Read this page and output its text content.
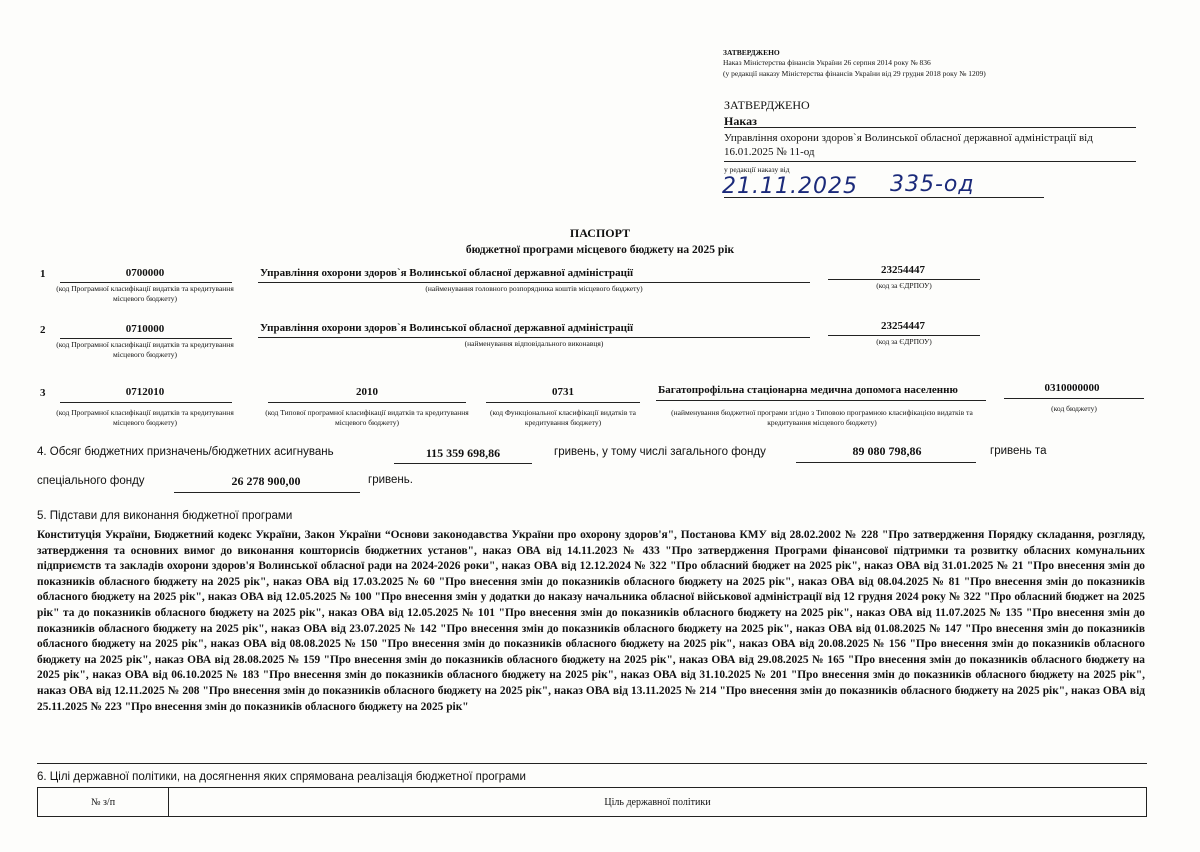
ЗАТВЕРДЖЕНО
Наказ Міністерства фінансів України 26 серпня 2014 року № 836
(у редакції наказу Міністерства фінансів України від 29 грудня 2018 року № 1209)
ЗАТВЕРДЖЕНО
Наказ
Управління охорони здоров`я Волинської обласної державної адміністрації від
16.01.2025 № 11-од
у редакції наказу від
21.11.2025 335-од
ПАСПОРТ
бюджетної програми місцевого бюджету на 2025 рік
1	0700000
(код Програмної класифікації видатків та кредитування місцевого бюджету)
Управління охорони здоров`я Волинської обласної державної адміністрації
(найменування головного розпорядника коштів місцевого бюджету)
23254447
(код за ЄДРПОУ)
2	0710000
(код Програмної класифікації видатків та кредитування місцевого бюджету)
Управління охорони здоров`я Волинської обласної державної адміністрації
(найменування відповідального виконавця)
23254447
(код за ЄДРПОУ)
3	0712010
(код Програмної класифікації видатків та кредитування місцевого бюджету)
2010
(код Типової програмної класифікації видатків та кредитування місцевого бюджету)
0731
(код Функціональної класифікації видатків та кредитування бюджету)
Багатопрофільна стаціонарна медична допомога населенню
(найменування бюджетної програми згідно з Типовою програмною класифікацією видатків та кредитування місцевого бюджету)
0310000000
(код бюджету)
4. Обсяг бюджетних призначень/бюджетних асигнувань	115 359 698,86	гривень, у тому числі загального фонду	89 080 798,86	гривень та
спеціального фонду	26 278 900,00	гривень.
5. Підстави для виконання бюджетної програми
Конституція України, Бюджетний кодекс України, Закон України “Основи законодавства України про охорону здоров'я", Постанова КМУ від 28.02.2002 № 228 "Про затвердження Порядку складання, розгляду, затвердження та основних вимог до виконання кошторисів бюджетних установ", наказ ОВА від 14.11.2023 № 433 "Про затвердження Програми фінансової підтримки та розвитку обласних комунальних підприємств та закладів охорони здоров'я Волинської обласної ради на 2024-2026 роки", наказ ОВА від 12.12.2024 № 322 "Про обласний бюджет на 2025 рік", наказ ОВА від 31.01.2025 № 21 "Про внесення змін до показників обласного бюджету на 2025 рік", наказ ОВА від 17.03.2025 № 60 "Про внесення змін до показників обласного бюджету на 2025 рік", наказ ОВА від 08.04.2025 № 81 "Про внесення змін до показників обласного бюджету на 2025 рік", наказ ОВА від 12.05.2025 № 100 "Про внесення змін у додатки до наказу начальника обласної військової адміністрації від 12 грудня 2024 року № 322 "Про обласний бюджет на 2025 рік" та до показників обласного бюджету на 2025 рік", наказ ОВА від 12.05.2025 № 101 "Про внесення змін до показників обласного бюджету на 2025 рік", наказ ОВА від 11.07.2025 № 135 "Про внесення змін до показників обласного бюджету на 2025 рік", наказ ОВА від 23.07.2025 № 142 "Про внесення змін до показників обласного бюджету на 2025 рік", наказ ОВА від 01.08.2025 № 147 "Про внесення змін до показників обласного бюджету на 2025 рік", наказ ОВА від 08.08.2025 № 150 "Про внесення змін до показників обласного бюджету на 2025 рік", наказ ОВА від 20.08.2025 № 156 "Про внесення змін до показників обласного бюджету на 2025 рік", наказ ОВА від 28.08.2025 № 159 "Про внесення змін до показників обласного бюджету на 2025 рік", наказ ОВА від 29.08.2025 № 165 "Про внесення змін до показників обласного бюджету на 2025 рік", наказ ОВА від 06.10.2025 № 183 "Про внесення змін до показників обласного бюджету на 2025 рік", наказ ОВА від 31.10.2025 № 201 "Про внесення змін до показників обласного бюджету на 2025 рік", наказ ОВА від 12.11.2025 № 208 "Про внесення змін до показників обласного бюджету на 2025 рік", наказ ОВА від 13.11.2025 № 214 "Про внесення змін до показників обласного бюджету на 2025 рік", наказ ОВА від 25.11.2025 № 223 "Про внесення змін до показників обласного бюджету на 2025 рік"
6. Цілі державної політики, на досягнення яких спрямована реалізація бюджетної програми
№ з/п	Ціль державної політики
